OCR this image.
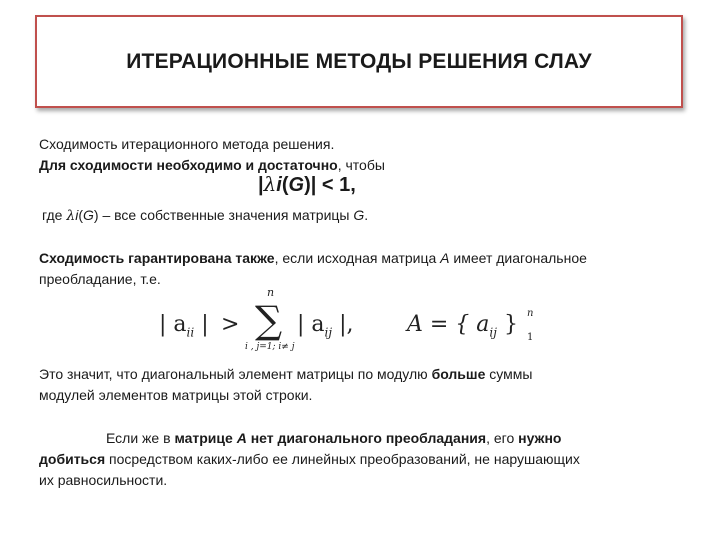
ИТЕРАЦИОННЫЕ МЕТОДЫ РЕШЕНИЯ СЛАУ
Сходимость итерационного метода решения.
Для сходимости необходимо и достаточно, чтобы
|λi(G)| < 1,
где λi(G) – все собственные значения матрицы G.
Сходимость гарантирована также, если исходная матрица A имеет диагональное
преобладание, т.е.
| $a_{ii}$ | >
n
∑
i , j=1; i≠ j
| $a_{ij}$ |, A = { $a_{ij}$ } n
1
Это значит, что диагональный элемент матрицы по модулю больше суммы
модулей элементов матрицы этой строки.
Если же в матрице A нет диагонального преобладания, его нужно
добиться посредством каких-либо ее линейных преобразований, не нарушающих
их равносильности.
